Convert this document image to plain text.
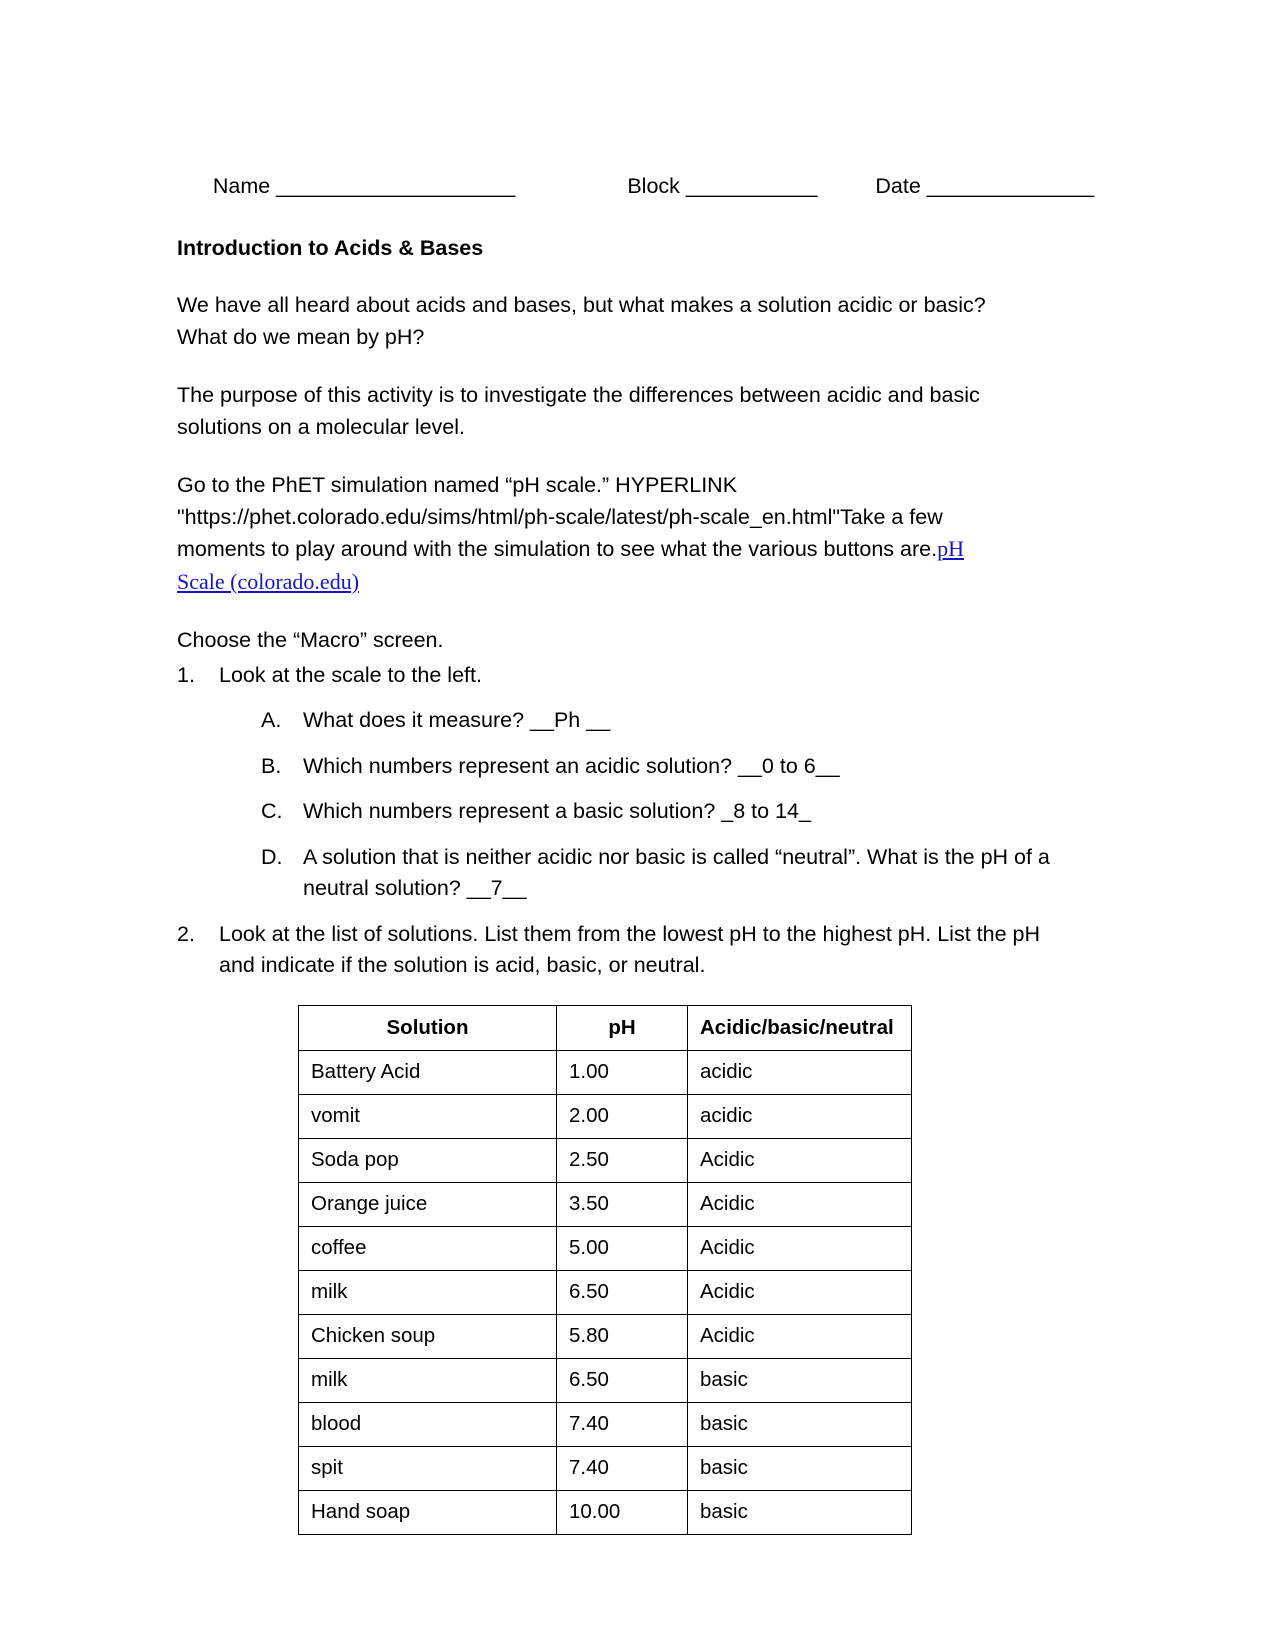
Name ____________________	Block ___________	Date ______________

Introduction to Acids & Bases
We have all heard about acids and bases, but what makes a solution acidic or basic? What do we mean by pH?
The purpose of this activity is to investigate the differences between acidic and basic solutions on a molecular level.
Go to the PhET simulation named “pH scale.” HYPERLINK "https://phet.colorado.edu/sims/html/ph-scale/latest/ph-scale_en.html"Take a few moments to play around with the simulation to see what the various buttons are.pH Scale (colorado.edu)
Choose the “Macro” screen.
1.	Look at the scale to the left.
A.	What does it measure? __Ph __
B.	Which numbers represent an acidic solution? __0 to 6__
C. Which numbers represent a basic solution? _8 to 14_
D. A solution that is neither acidic nor basic is called “neutral”. What is the pH of a neutral solution? __7__
2.	Look at the list of solutions. List them from the lowest pH to the highest pH. List the pH and indicate if the solution is acid, basic, or neutral.
Solution	pH	Acidic/basic/neutral
Battery Acid	1.00	acidic
vomit	2.00	acidic
Soda pop	2.50	Acidic
Orange juice	3.50	Acidic
coffee	5.00	Acidic
milk	6.50	Acidic
Chicken soup	5.80	Acidic
milk	6.50	basic
blood	7.40	basic
spit	7.40	basic
Hand soap	10.00	basic
